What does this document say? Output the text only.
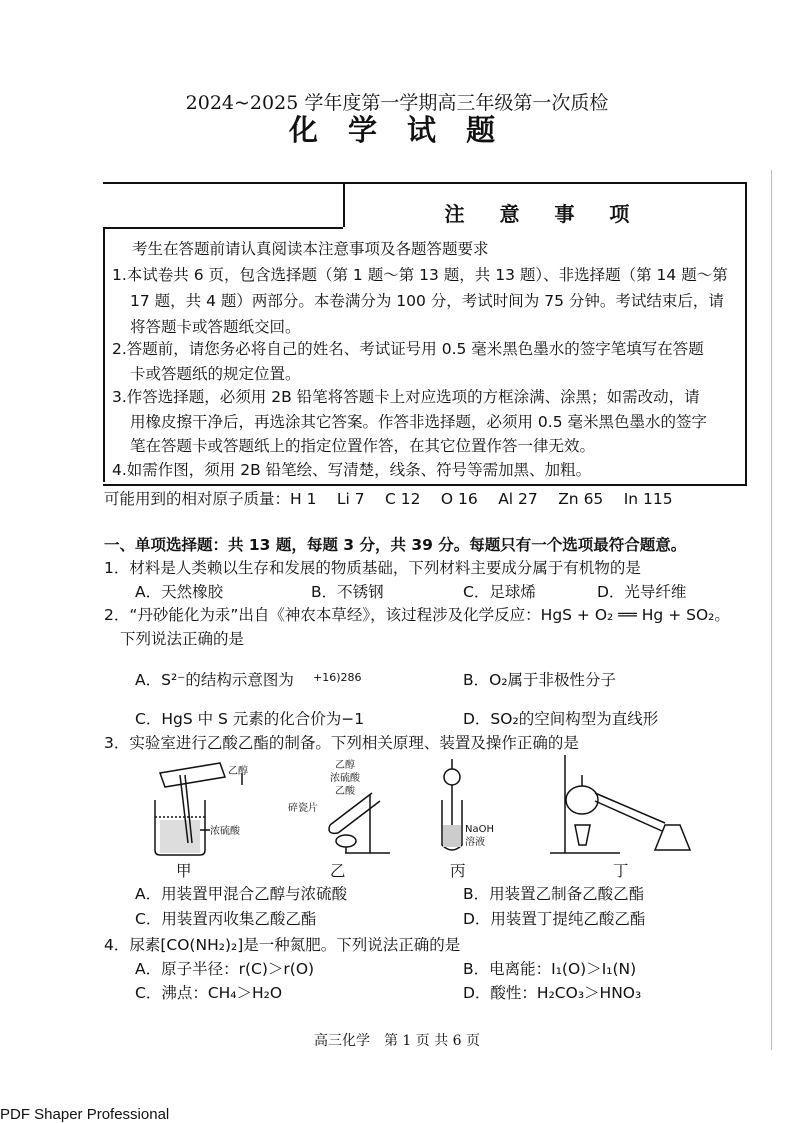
2024~2025 学年度第一学期高三年级第一次质检
化 学 试 题
注 意 事 项
考生在答题前请认真阅读本注意事项及各题答题要求
1.本试卷共 6 页，包含选择题（第 1 题～第 13 题，共 13 题）、非选择题（第 14 题～第
17 题，共 4 题）两部分。本卷满分为 100 分，考试时间为 75 分钟。考试结束后，请
将答题卡或答题纸交回。
2.答题前，请您务必将自己的姓名、考试证号用 0.5 毫米黑色墨水的签字笔填写在答题
卡或答题纸的规定位置。
3.作答选择题，必须用 2B 铅笔将答题卡上对应选项的方框涂满、涂黑；如需改动，请
用橡皮擦干净后，再选涂其它答案。作答非选择题，必须用 0.5 毫米黑色墨水的签字
笔在答题卡或答题纸上的指定位置作答，在其它位置作答一律无效。
4.如需作图，须用 2B 铅笔绘、写清楚，线条、符号等需加黑、加粗。
可能用到的相对原子质量：H 1　 Li 7　 C 12　 O 16　 Al 27　 Zn 65　 In 115
一、单项选择题：共 13 题，每题 3 分，共 39 分。每题只有一个选项最符合题意。
1．材料是人类赖以生存和发展的物质基础，下列材料主要成分属于有机物的是
A．天然橡胶	B．不锈钢	C．足球烯	D．光导纤维
2．“丹砂能化为汞”出自《神农本草经》，该过程涉及化学反应：HgS + O₂ ══ Hg + SO₂。
下列说法正确的是
A．S²⁻的结构示意图为 +16)286	B．O₂属于非极性分子
C．HgS 中 S 元素的化合价为−1	D．SO₂的空间构型为直线形
3．实验室进行乙酸乙酯的制备。下列相关原理、装置及操作正确的是
乙醇
浓硫酸
乙醇
浓硫酸
乙酸
碎瓷片
NaOH
溶液
甲	乙	丙	丁
A．用装置甲混合乙醇与浓硫酸	B．用装置乙制备乙酸乙酯
C．用装置丙收集乙酸乙酯	D．用装置丁提纯乙酸乙酯
4．尿素[CO(NH₂)₂]是一种氮肥。下列说法正确的是
A．原子半径：r(C)＞r(O)	B．电离能：I₁(O)＞I₁(N)
C．沸点：CH₄＞H₂O	D．酸性：H₂CO₃＞HNO₃
高三化学　第 1 页 共 6 页
PDF Shaper Professional
